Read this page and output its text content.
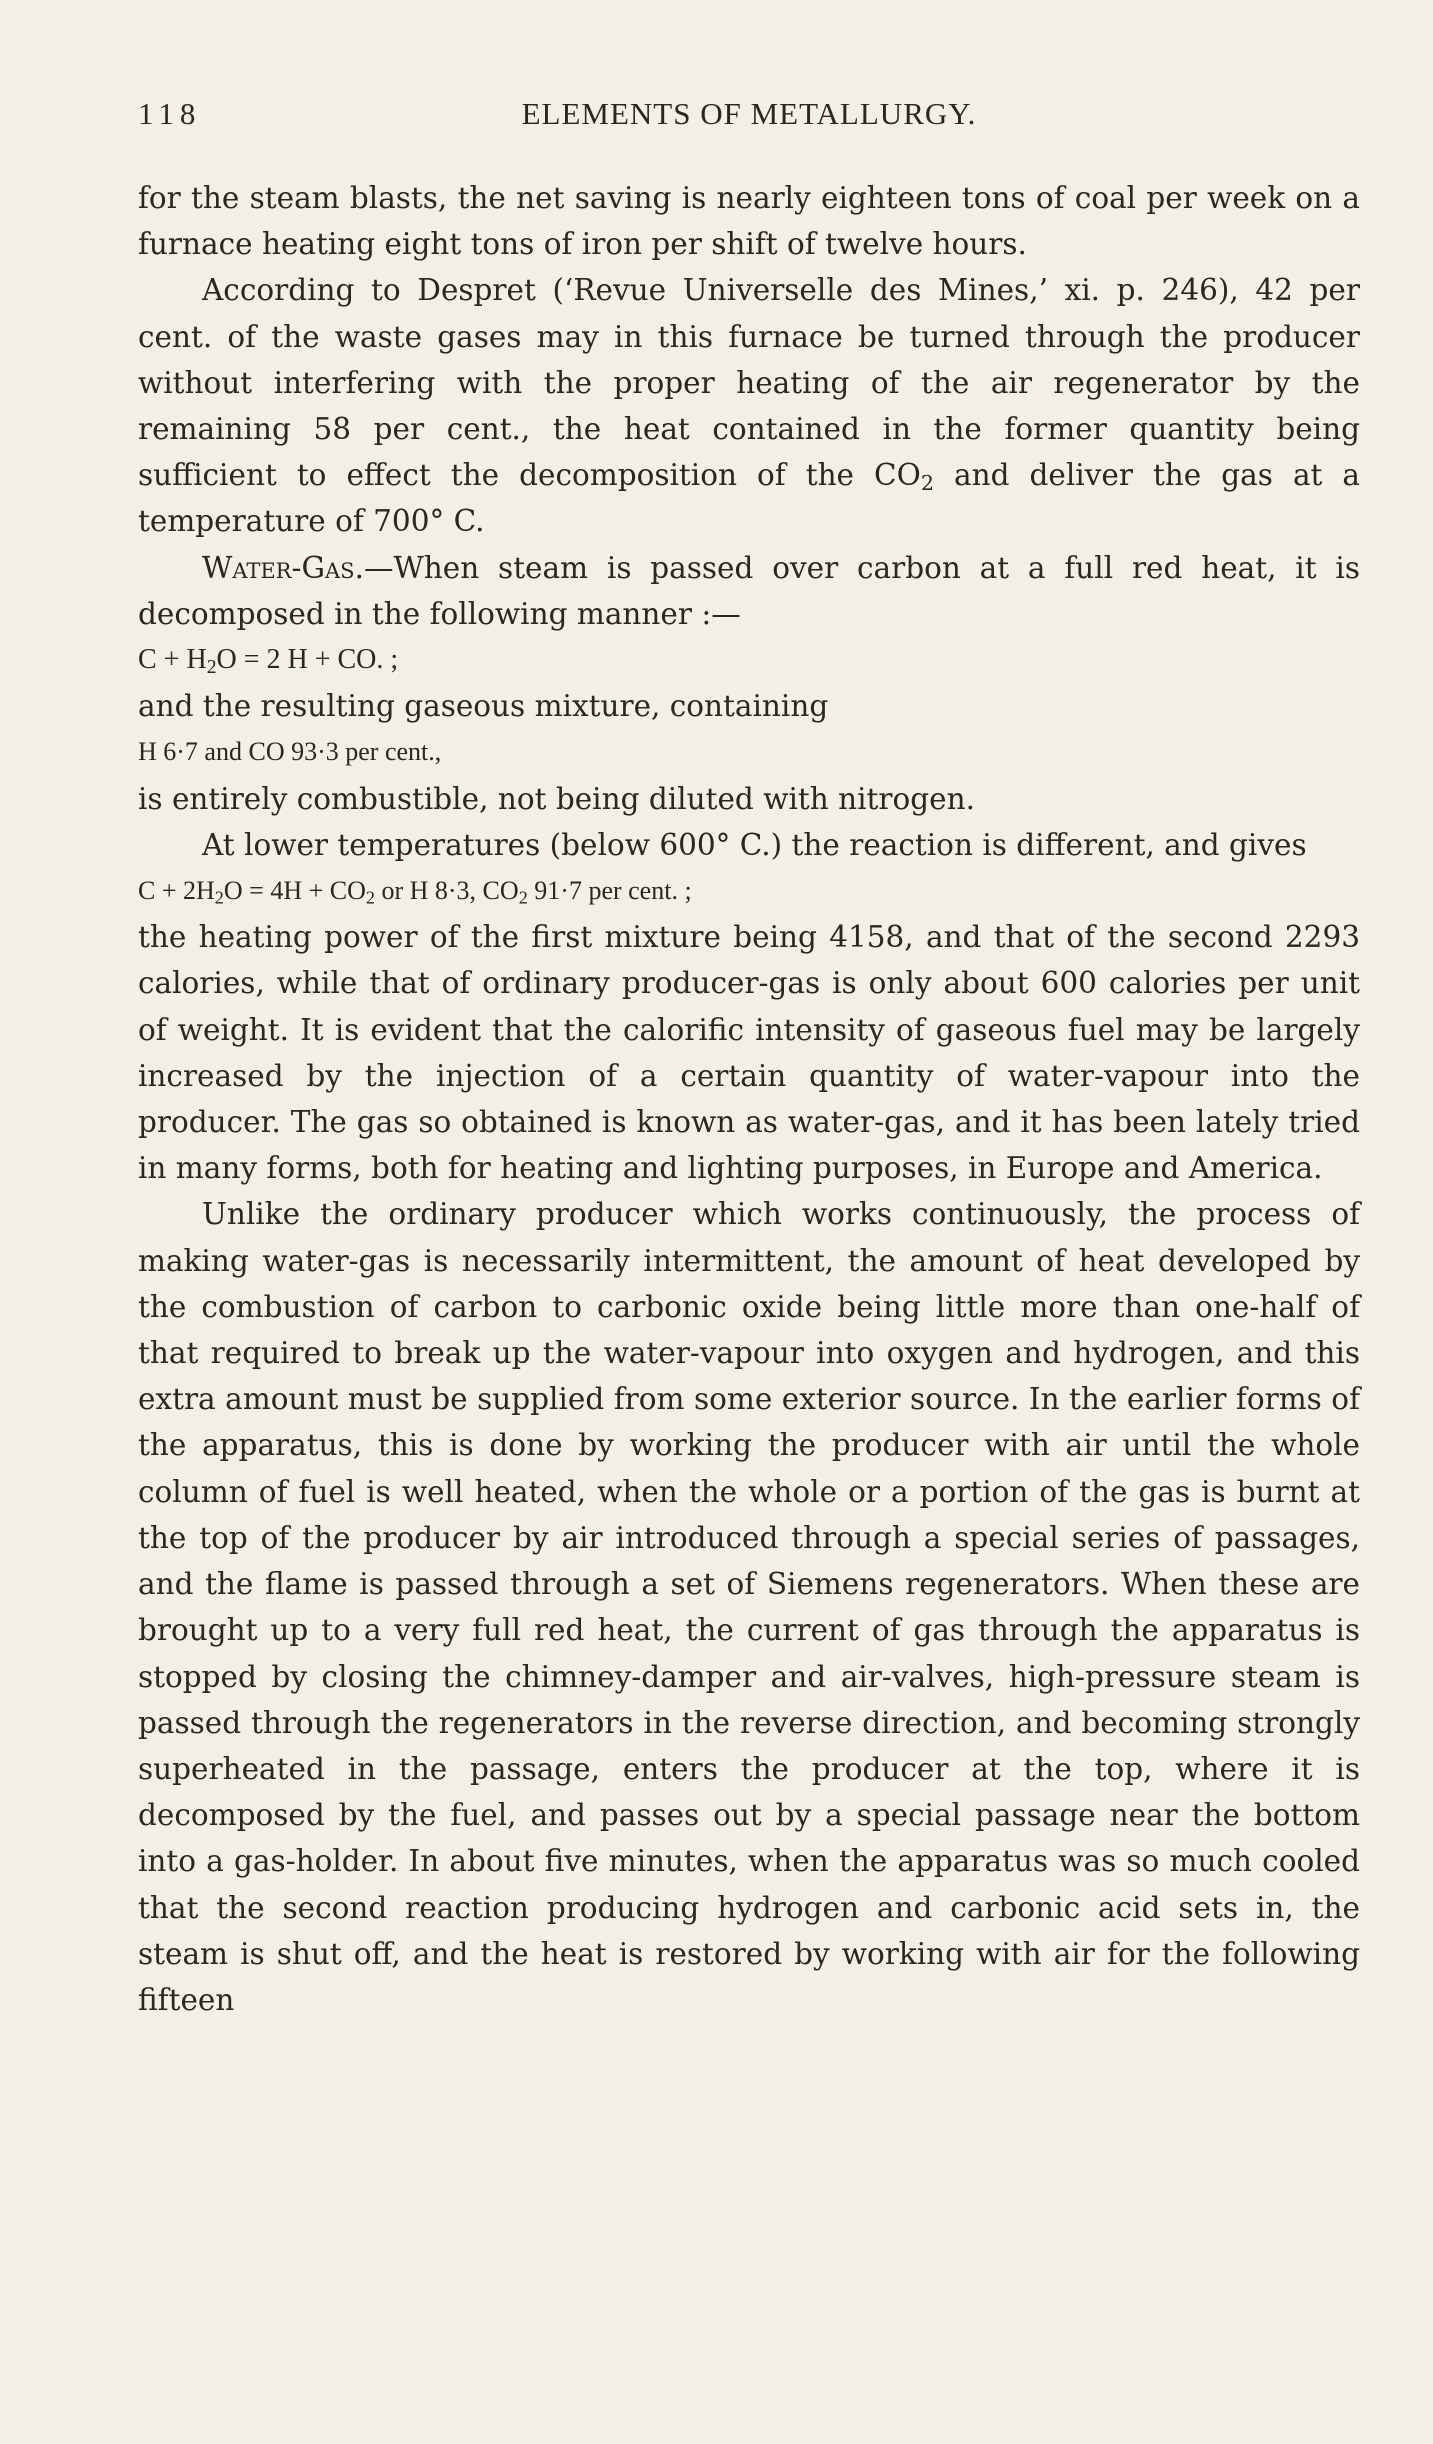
118	ELEMENTS OF METALLURGY.

for the steam blasts, the net saving is nearly eighteen tons of coal per week on a furnace heating eight tons of iron per shift of twelve hours.

According to Despret (‘Revue Universelle des Mines,’ xi. p. 246), 42 per cent. of the waste gases may in this furnace be turned through the producer without interfering with the proper heating of the air regenerator by the remaining 58 per cent., the heat contained in the former quantity being sufficient to effect the decomposition of the $CO_2$ and deliver the gas at a temperature of 700° C.

Water-Gas.—When steam is passed over carbon at a full red heat, it is decomposed in the following manner :—

$C + H_2O = 2$ H + CO. ;

and the resulting gaseous mixture, containing

H 6·7 and CO 93·3 per cent.,

is entirely combustible, not being diluted with nitrogen.

At lower temperatures (below 600° C.) the reaction is different, and gives

$C + 2H_2O = 4H + CO_2$ or H 8·3, $CO_2$ 91·7 per cent. ;

the heating power of the first mixture being 4158, and that of the second 2293 calories, while that of ordinary producer-gas is only about 600 calories per unit of weight. It is evident that the calorific intensity of gaseous fuel may be largely increased by the injection of a certain quantity of water-vapour into the producer. The gas so obtained is known as water-gas, and it has been lately tried in many forms, both for heating and lighting purposes, in Europe and America.

Unlike the ordinary producer which works continuously, the process of making water-gas is necessarily intermittent, the amount of heat developed by the combustion of carbon to carbonic oxide being little more than one-half of that required to break up the water-vapour into oxygen and hydrogen, and this extra amount must be supplied from some exterior source. In the earlier forms of the apparatus, this is done by working the producer with air until the whole column of fuel is well heated, when the whole or a portion of the gas is burnt at the top of the producer by air introduced through a special series of passages, and the flame is passed through a set of Siemens regenerators. When these are brought up to a very full red heat, the current of gas through the apparatus is stopped by closing the chimney-damper and air-valves, high-pressure steam is passed through the regenerators in the reverse direction, and becoming strongly superheated in the passage, enters the producer at the top, where it is decomposed by the fuel, and passes out by a special passage near the bottom into a gas-holder. In about five minutes, when the apparatus was so much cooled that the second reaction producing hydrogen and carbonic acid sets in, the steam is shut off, and the heat is restored by working with air for the following fifteen
